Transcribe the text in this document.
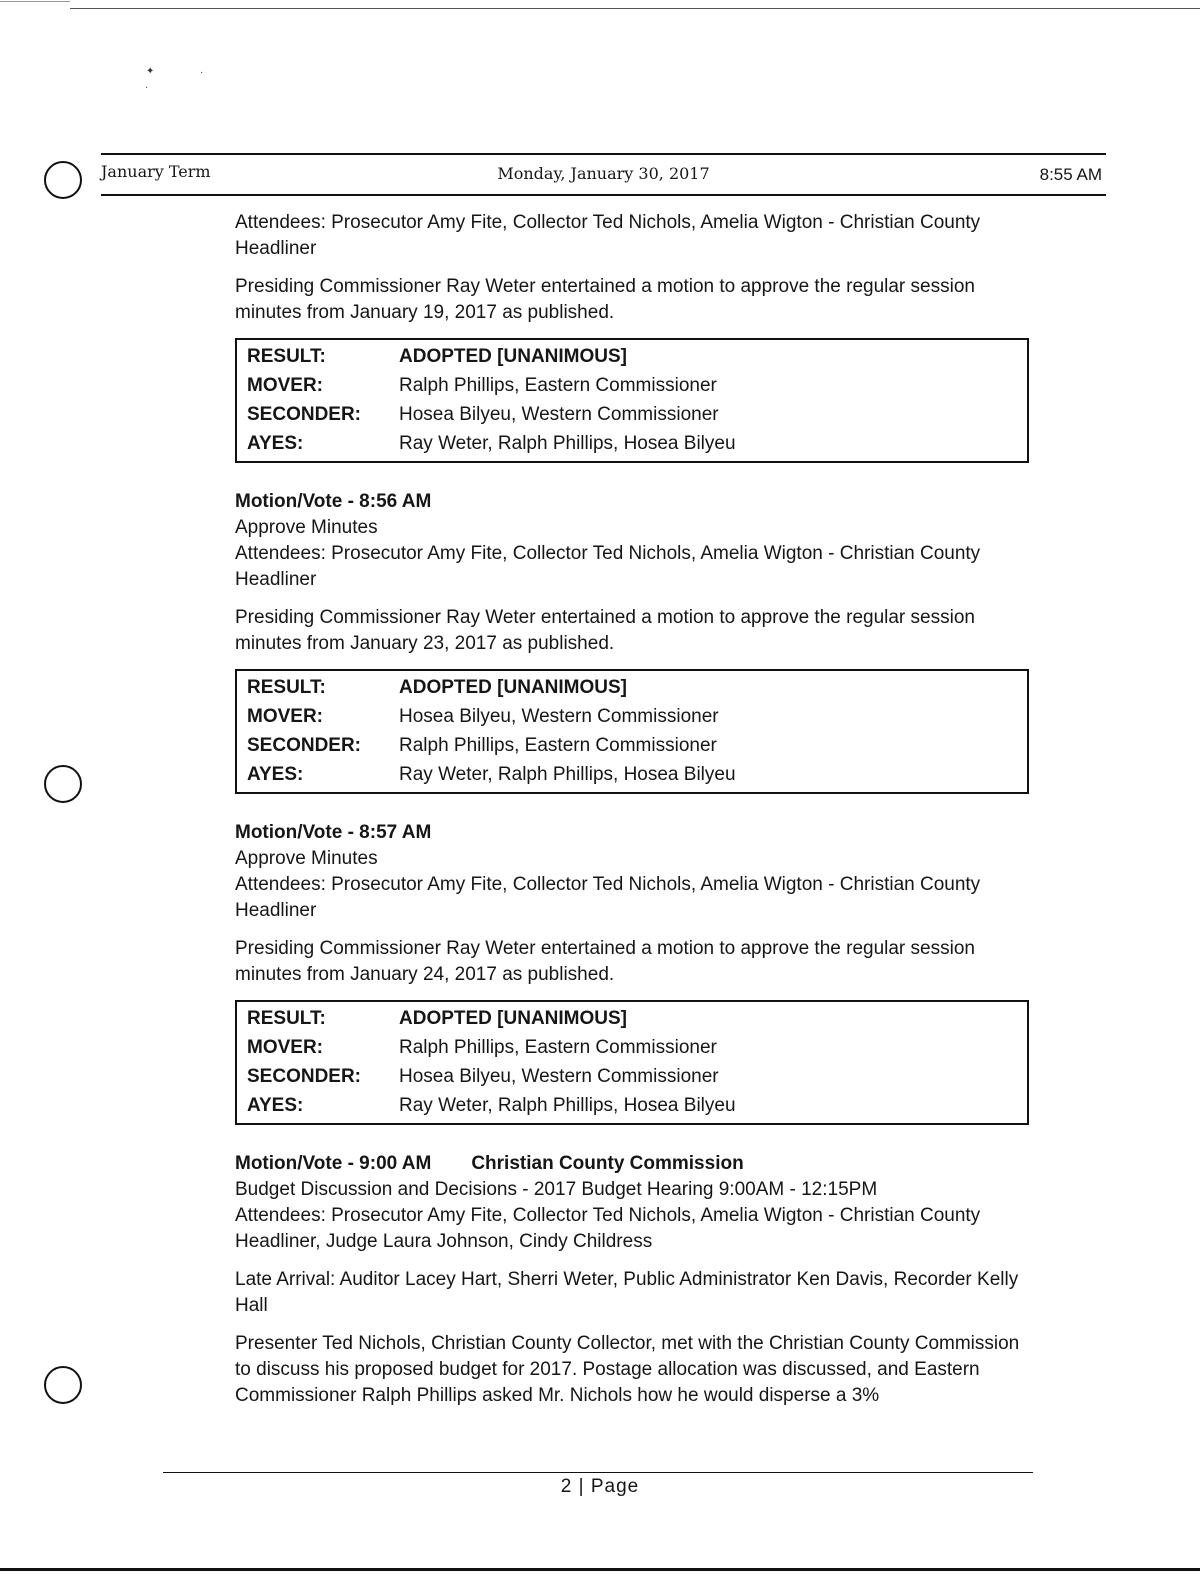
✦	·
·
January Term	Monday, January 30, 2017	8:55 AM

Attendees: Prosecutor Amy Fite, Collector Ted Nichols, Amelia Wigton - Christian County Headliner

Presiding Commissioner Ray Weter entertained a motion to approve the regular session minutes from January 19, 2017 as published.

RESULT:	ADOPTED [UNANIMOUS]
MOVER:	Ralph Phillips, Eastern Commissioner
SECONDER:	Hosea Bilyeu, Western Commissioner
AYES:	Ray Weter, Ralph Phillips, Hosea Bilyeu

Motion/Vote - 8:56 AM

Approve Minutes

Attendees: Prosecutor Amy Fite, Collector Ted Nichols, Amelia Wigton - Christian County Headliner

Presiding Commissioner Ray Weter entertained a motion to approve the regular session minutes from January 23, 2017 as published.

RESULT:	ADOPTED [UNANIMOUS]
MOVER:	Hosea Bilyeu, Western Commissioner
SECONDER:	Ralph Phillips, Eastern Commissioner
AYES:	Ray Weter, Ralph Phillips, Hosea Bilyeu

Motion/Vote - 8:57 AM

Approve Minutes

Attendees: Prosecutor Amy Fite, Collector Ted Nichols, Amelia Wigton - Christian County Headliner

Presiding Commissioner Ray Weter entertained a motion to approve the regular session minutes from January 24, 2017 as published.

RESULT:	ADOPTED [UNANIMOUS]
MOVER:	Ralph Phillips, Eastern Commissioner
SECONDER:	Hosea Bilyeu, Western Commissioner
AYES:	Ray Weter, Ralph Phillips, Hosea Bilyeu

Motion/Vote - 9:00 AM Christian County Commission

Budget Discussion and Decisions - 2017 Budget Hearing 9:00AM - 12:15PM

Attendees: Prosecutor Amy Fite, Collector Ted Nichols, Amelia Wigton - Christian County Headliner, Judge Laura Johnson, Cindy Childress

Late Arrival: Auditor Lacey Hart, Sherri Weter, Public Administrator Ken Davis, Recorder Kelly Hall

Presenter Ted Nichols, Christian County Collector, met with the Christian County Commission to discuss his proposed budget for 2017. Postage allocation was discussed, and Eastern Commissioner Ralph Phillips asked Mr. Nichols how he would disperse a 3%

2 | Page
